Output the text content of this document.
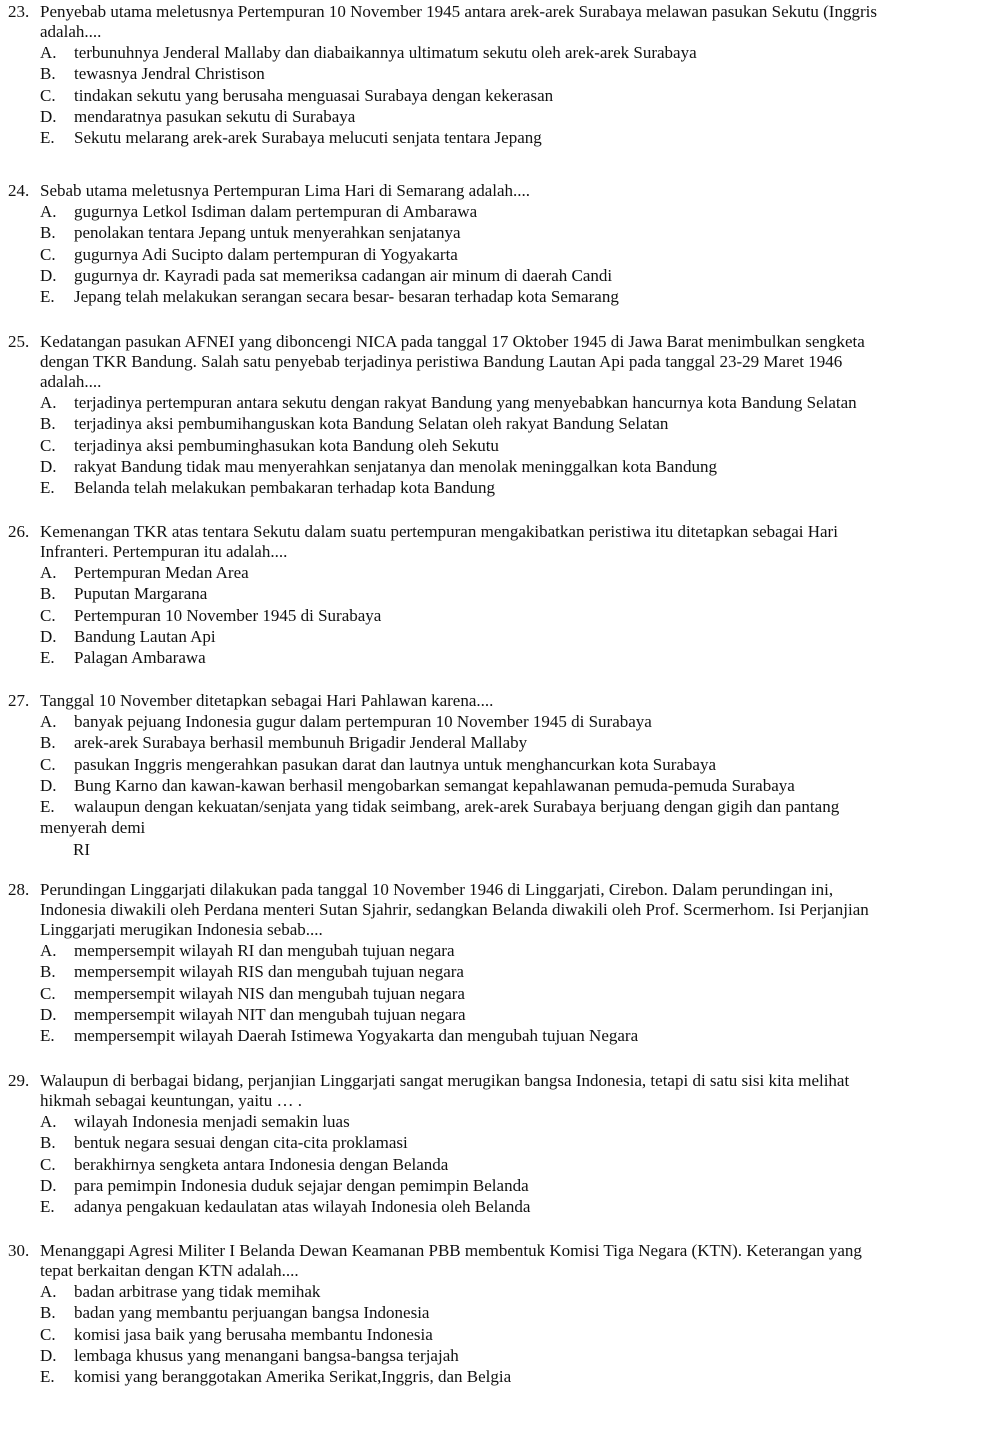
23. Penyebab utama meletusnya Pertempuran 10 November 1945 antara arek-arek Surabaya melawan pasukan Sekutu (Inggris
adalah....
A. terbunuhnya Jenderal Mallaby dan diabaikannya ultimatum sekutu oleh arek-arek Surabaya
B. tewasnya Jendral Christison
C. tindakan sekutu yang berusaha menguasai Surabaya dengan kekerasan
D. mendaratnya pasukan sekutu di Surabaya
E. Sekutu melarang arek-arek Surabaya melucuti senjata tentara Jepang
24. Sebab utama meletusnya Pertempuran Lima Hari di Semarang adalah....
A. gugurnya Letkol Isdiman dalam pertempuran di Ambarawa
B. penolakan tentara Jepang untuk menyerahkan senjatanya
C. gugurnya Adi Sucipto dalam pertempuran di Yogyakarta
D. gugurnya dr. Kayradi pada sat memeriksa cadangan air minum di daerah Candi
E. Jepang telah melakukan serangan secara besar- besaran terhadap kota Semarang
25. Kedatangan pasukan AFNEI yang diboncengi NICA pada tanggal 17 Oktober 1945 di Jawa Barat menimbulkan sengketa
dengan TKR Bandung. Salah satu penyebab terjadinya peristiwa Bandung Lautan Api pada tanggal 23-29 Maret 1946
adalah....
A. terjadinya pertempuran antara sekutu dengan rakyat Bandung yang menyebabkan hancurnya kota Bandung Selatan
B. terjadinya aksi pembumihanguskan kota Bandung Selatan oleh rakyat Bandung Selatan
C. terjadinya aksi pembuminghasukan kota Bandung oleh Sekutu
D. rakyat Bandung tidak mau menyerahkan senjatanya dan menolak meninggalkan kota Bandung
E. Belanda telah melakukan pembakaran terhadap kota Bandung
26. Kemenangan TKR atas tentara Sekutu dalam suatu pertempuran mengakibatkan peristiwa itu ditetapkan sebagai Hari
Infranteri. Pertempuran itu adalah....
A. Pertempuran Medan Area
B. Puputan Margarana
C. Pertempuran 10 November 1945 di Surabaya
D. Bandung Lautan Api
E. Palagan Ambarawa
27. Tanggal 10 November ditetapkan sebagai Hari Pahlawan karena....
A. banyak pejuang Indonesia gugur dalam pertempuran 10 November 1945 di Surabaya
B. arek-arek Surabaya berhasil membunuh Brigadir Jenderal Mallaby
C. pasukan Inggris mengerahkan pasukan darat dan lautnya untuk menghancurkan kota Surabaya
D. Bung Karno dan kawan-kawan berhasil mengobarkan semangat kepahlawanan pemuda-pemuda Surabaya
E. walaupun dengan kekuatan/senjata yang tidak seimbang, arek-arek Surabaya berjuang dengan gigih dan pantang
menyerah demi
RI
28. Perundingan Linggarjati dilakukan pada tanggal 10 November 1946 di Linggarjati, Cirebon. Dalam perundingan ini,
Indonesia diwakili oleh Perdana menteri Sutan Sjahrir, sedangkan Belanda diwakili oleh Prof. Scermerhom. Isi Perjanjian
Linggarjati merugikan Indonesia sebab....
A. mempersempit wilayah RI dan mengubah tujuan negara
B. mempersempit wilayah RIS dan mengubah tujuan negara
C. mempersempit wilayah NIS dan mengubah tujuan negara
D. mempersempit wilayah NIT dan mengubah tujuan negara
E. mempersempit wilayah Daerah Istimewa Yogyakarta dan mengubah tujuan Negara
29. Walaupun di berbagai bidang, perjanjian Linggarjati sangat merugikan bangsa Indonesia, tetapi di satu sisi kita melihat
hikmah sebagai keuntungan, yaitu … .
A. wilayah Indonesia menjadi semakin luas
B. bentuk negara sesuai dengan cita-cita proklamasi
C. berakhirnya sengketa antara Indonesia dengan Belanda
D. para pemimpin Indonesia duduk sejajar dengan pemimpin Belanda
E. adanya pengakuan kedaulatan atas wilayah Indonesia oleh Belanda
30. Menanggapi Agresi Militer I Belanda Dewan Keamanan PBB membentuk Komisi Tiga Negara (KTN). Keterangan yang
tepat berkaitan dengan KTN adalah....
A. badan arbitrase yang tidak memihak
B. badan yang membantu perjuangan bangsa Indonesia
C. komisi jasa baik yang berusaha membantu Indonesia
D. lembaga khusus yang menangani bangsa-bangsa terjajah
E. komisi yang beranggotakan Amerika Serikat,Inggris, dan Belgia
